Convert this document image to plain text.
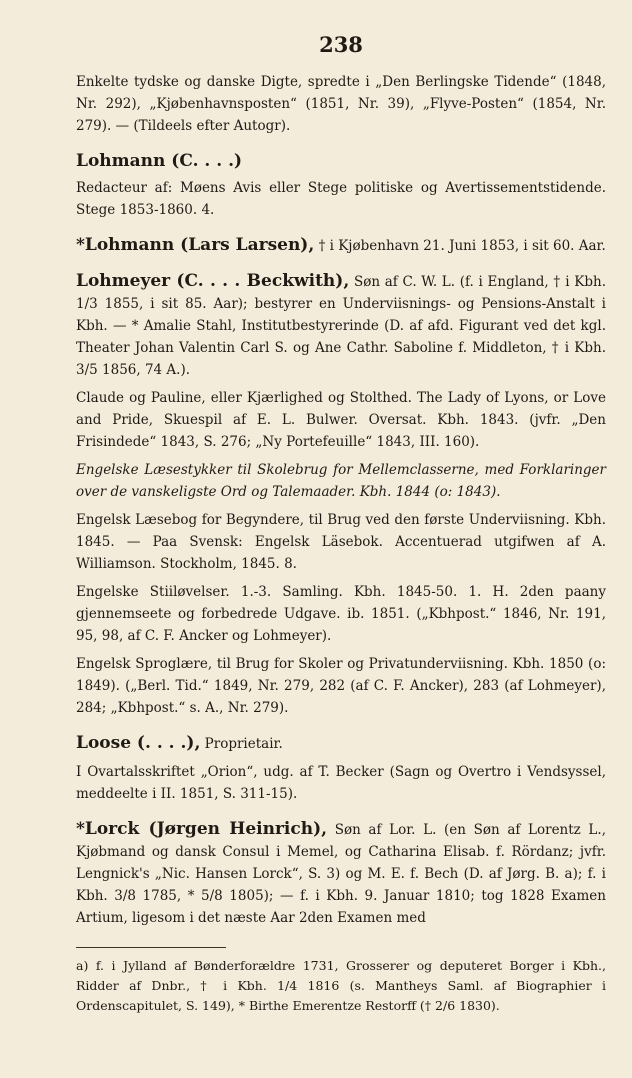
238

Enkelte tydske og danske Digte, spredte i „Den Berlingske Tidende“ (1848, Nr. 292), „Kjøbenhavnsposten“ (1851, Nr. 39), „Flyve-Posten“ (1854, Nr. 279). — (Tildeels efter Autogr).

Lohmann (C. . . .)

Redacteur af: Møens Avis eller Stege politiske og Avertissementstidende. Stege 1853-1860. 4.

*Lohmann (Lars Larsen), † i Kjøbenhavn 21. Juni 1853, i sit 60. Aar.

Lohmeyer (C. . . . Beckwith), Søn af C. W. L. (f. i England, † i Kbh. 1/3 1855, i sit 85. Aar); bestyrer en Underviisnings- og Pensions-Anstalt i Kbh. — * Amalie Stahl, Institutbestyrerinde (D. af afd. Figurant ved det kgl. Theater Johan Valentin Carl S. og Ane Cathr. Saboline f. Middleton, † i Kbh. 3/5 1856, 74 A.).

Claude og Pauline, eller Kjærlighed og Stolthed. The Lady of Lyons, or Love and Pride, Skuespil af E. L. Bulwer. Oversat. Kbh. 1843. (jvfr. „Den Frisindede“ 1843, S. 276; „Ny Portefeuille“ 1843, III. 160).

Engelske Læsestykker til Skolebrug for Mellemclasserne, med Forklaringer over de vanskeligste Ord og Talemaader. Kbh. 1844 (o: 1843).

Engelsk Læsebog for Begyndere, til Brug ved den første Underviisning. Kbh. 1845. — Paa Svensk: Engelsk Läsebok. Accentuerad utgifwen af A. Williamson. Stockholm, 1845. 8.

Engelske Stiiløvelser. 1.-3. Samling. Kbh. 1845-50. 1. H. 2den paany gjennemseete og forbedrede Udgave. ib. 1851. („Kbhpost.“ 1846, Nr. 191, 95, 98, af C. F. Ancker og Lohmeyer).

Engelsk Sproglære, til Brug for Skoler og Privatunderviisning. Kbh. 1850 (o: 1849). („Berl. Tid.“ 1849, Nr. 279, 282 (af C. F. Ancker), 283 (af Lohmeyer), 284; „Kbhpost.“ s. A., Nr. 279).

Loose (. . . .), Proprietair.

I Ovartalsskriftet „Orion“, udg. af T. Becker (Sagn og Overtro i Vendsyssel, meddeelte i II. 1851, S. 311-15).

*Lorck (Jørgen Heinrich), Søn af Lor. L. (en Søn af Lorentz L., Kjøbmand og dansk Consul i Memel, og Catharina Elisab. f. Rördanz; jvfr. Lengnick's „Nic. Hansen Lorck“, S. 3) og M. E. f. Bech (D. af Jørg. B. a); f. i Kbh. 3/8 1785, * 5/8 1805); — f. i Kbh. 9. Januar 1810; tog 1828 Examen Artium, ligesom i det næste Aar 2den Examen med

a) f. i Jylland af Bønderforældre 1731, Grosserer og deputeret Borger i Kbh., Ridder af Dnbr., † i Kbh. 1/4 1816 (s. Mantheys Saml. af Biographier i Ordenscapitulet, S. 149), * Birthe Emerentze Restorff († 2/6 1830).
